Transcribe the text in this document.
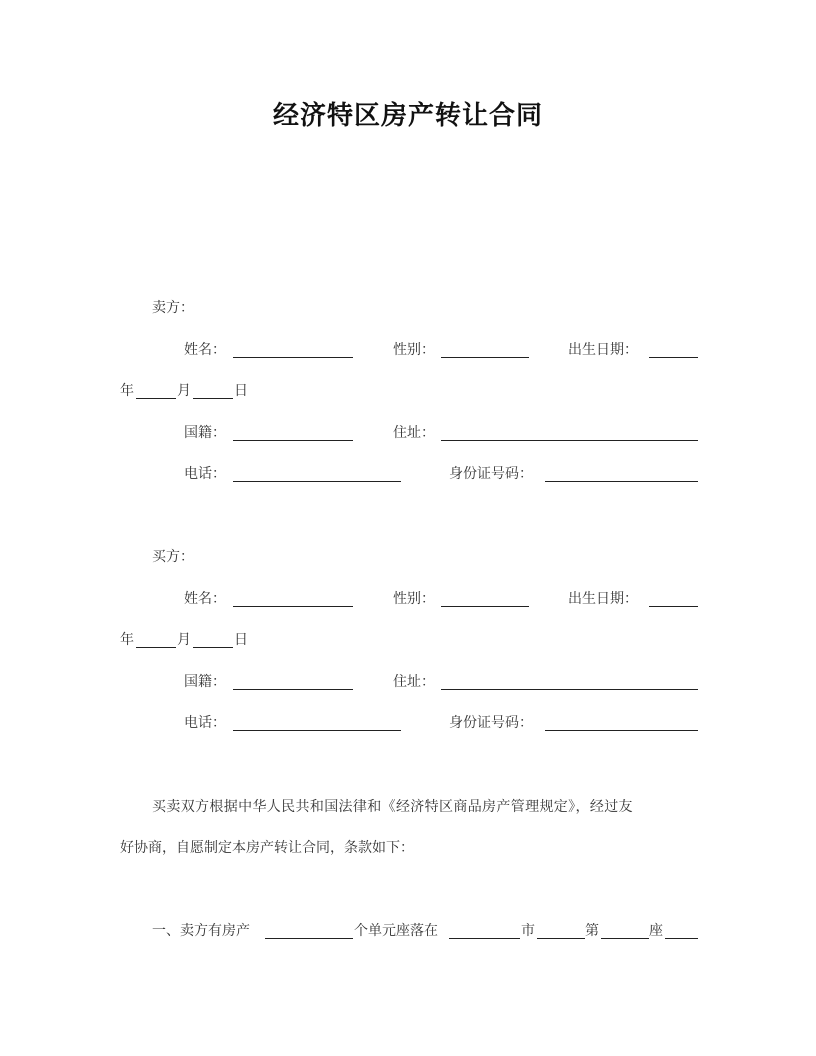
经济特区房产转让合同
卖方：
姓名：	性别：	出生日期：
年	月	日
国籍：	住址：
电话：	身份证号码：
买方：
姓名：	性别：	出生日期：
年	月	日
国籍：	住址：
电话：	身份证号码：
买卖双方根据中华人民共和国法律和《经济特区商品房产管理规定》，经过友
好协商，自愿制定本房产转让合同，条款如下：
一、卖方有房产	个单元座落在	市	第	座
